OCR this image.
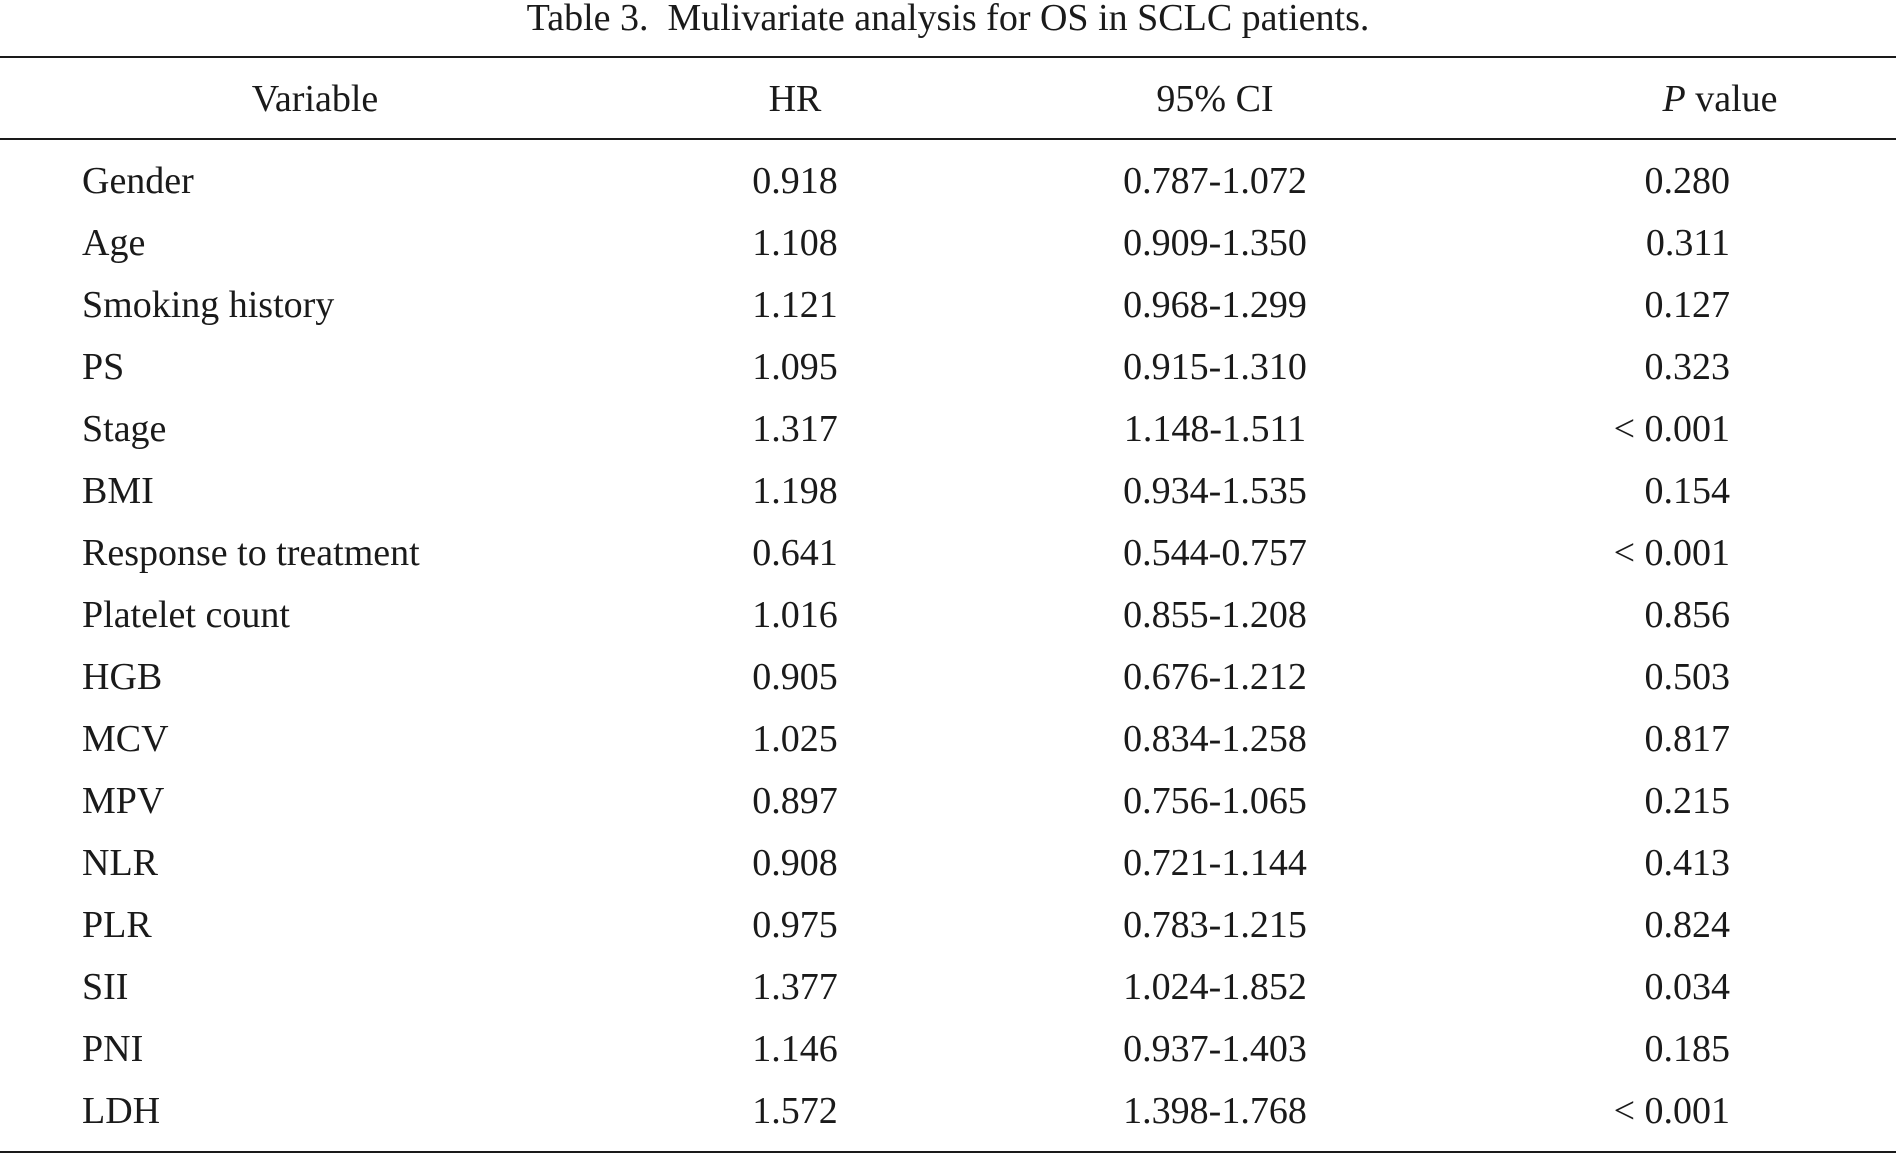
Table 3.  Mulivariate analysis for OS in SCLC patients.
Variable	HR	95% CI	P value
Gender	0.918	0.787-1.072	0.280
Age	1.108	0.909-1.350	0.311
Smoking history	1.121	0.968-1.299	0.127
PS	1.095	0.915-1.310	0.323
Stage	1.317	1.148-1.511	< 0.001
BMI	1.198	0.934-1.535	0.154
Response to treatment	0.641	0.544-0.757	< 0.001
Platelet count	1.016	0.855-1.208	0.856
HGB	0.905	0.676-1.212	0.503
MCV	1.025	0.834-1.258	0.817
MPV	0.897	0.756-1.065	0.215
NLR	0.908	0.721-1.144	0.413
PLR	0.975	0.783-1.215	0.824
SII	1.377	1.024-1.852	0.034
PNI	1.146	0.937-1.403	0.185
LDH	1.572	1.398-1.768	< 0.001
